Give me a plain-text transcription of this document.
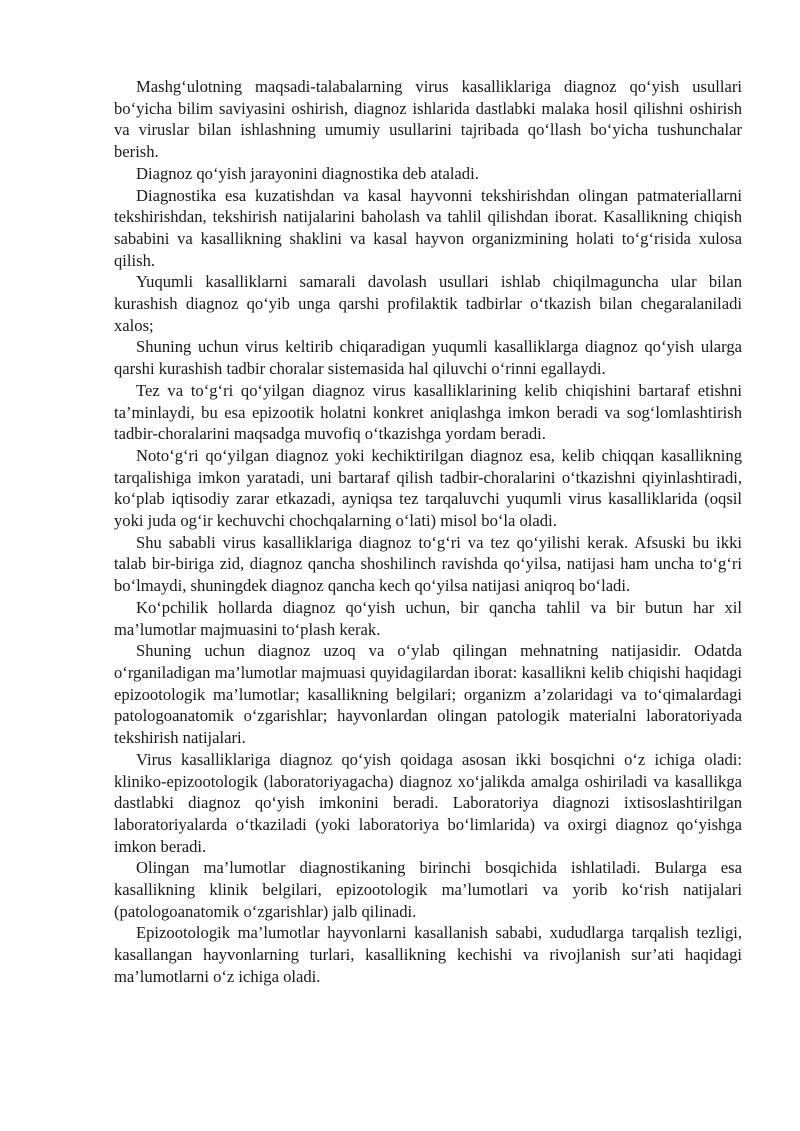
Mashg‘ulotning maqsadi-talabalarning virus kasalliklariga diagnoz qo‘yish usullari bo‘yicha bilim saviyasini oshirish, diagnoz ishlarida dastlabki malaka hosil qilishni oshirish va viruslar bilan ishlashning umumiy usullarini tajribada qo‘llash bo‘yicha tushunchalar berish.

Diagnoz qo‘yish jarayonini diagnostika deb ataladi.

Diagnostika esa kuzatishdan va kasal hayvonni tekshirishdan olingan patmateriallarni tekshirishdan, tekshirish natijalarini baholash va tahlil qilishdan iborat. Kasallikning chiqish sababini va kasallikning shaklini va kasal hayvon organizmining holati to‘g‘risida xulosa qilish.

Yuqumli kasalliklarni samarali davolash usullari ishlab chiqilmaguncha ular bilan kurashish diagnoz qo‘yib unga qarshi profilaktik tadbirlar o‘tkazish bilan chegaralaniladi xalos;

Shuning uchun virus keltirib chiqaradigan yuqumli kasalliklarga diagnoz qo‘yish ularga qarshi kurashish tadbir choralar sistemasida hal qiluvchi o‘rinni egallaydi.

Tez va to‘g‘ri qo‘yilgan diagnoz virus kasalliklarining kelib chiqishini bartaraf etishni ta’minlaydi, bu esa epizootik holatni konkret aniqlashga imkon beradi va sog‘lomlashtirish tadbir-choralarini maqsadga muvofiq o‘tkazishga yordam beradi.

Noto‘g‘ri qo‘yilgan diagnoz yoki kechiktirilgan diagnoz esa, kelib chiqqan kasallikning tarqalishiga imkon yaratadi, uni bartaraf qilish tadbir-choralarini o‘tkazishni qiyinlashtiradi, ko‘plab iqtisodiy zarar etkazadi, ayniqsa tez tarqaluvchi yuqumli virus kasalliklarida (oqsil yoki juda og‘ir kechuvchi chochqalarning o‘lati) misol bo‘la oladi.

Shu sababli virus kasalliklariga diagnoz to‘g‘ri va tez qo‘yilishi kerak. Afsuski bu ikki talab bir-biriga zid, diagnoz qancha shoshilinch ravishda qo‘yilsa, natijasi ham uncha to‘g‘ri bo‘lmaydi, shuningdek diagnoz qancha kech qo‘yilsa natijasi aniqroq bo‘ladi.

Ko‘pchilik hollarda diagnoz qo‘yish uchun, bir qancha tahlil va bir butun har xil ma’lumotlar majmuasini to‘plash kerak.

Shuning uchun diagnoz uzoq va o‘ylab qilingan mehnatning natijasidir. Odatda o‘rganiladigan ma’lumotlar majmuasi quyidagilardan iborat: kasallikni kelib chiqishi haqidagi epizootologik ma’lumotlar; kasallikning belgilari; organizm a’zolaridagi va to‘qimalardagi patologoanatomik o‘zgarishlar; hayvonlardan olingan patologik materialni laboratoriyada tekshirish natijalari.

Virus kasalliklariga diagnoz qo‘yish qoidaga asosan ikki bosqichni o‘z ichiga oladi: kliniko-epizootologik (laboratoriyagacha) diagnoz xo‘jalikda amalga oshiriladi va kasallikga dastlabki diagnoz qo‘yish imkonini beradi. Laboratoriya diagnozi ixtisoslashtirilgan laboratoriyalarda o‘tkaziladi (yoki laboratoriya bo‘limlarida) va oxirgi diagnoz qo‘yishga imkon beradi.

Olingan ma’lumotlar diagnostikaning birinchi bosqichida ishlatiladi. Bularga esa kasallikning klinik belgilari, epizootologik ma’lumotlari va yorib ko‘rish natijalari (patologoanatomik o‘zgarishlar) jalb qilinadi.

Epizootologik ma’lumotlar hayvonlarni kasallanish sababi, xududlarga tarqalish tezligi, kasallangan hayvonlarning turlari, kasallikning kechishi va rivojlanish sur’ati haqidagi ma’lumotlarni o‘z ichiga oladi.
